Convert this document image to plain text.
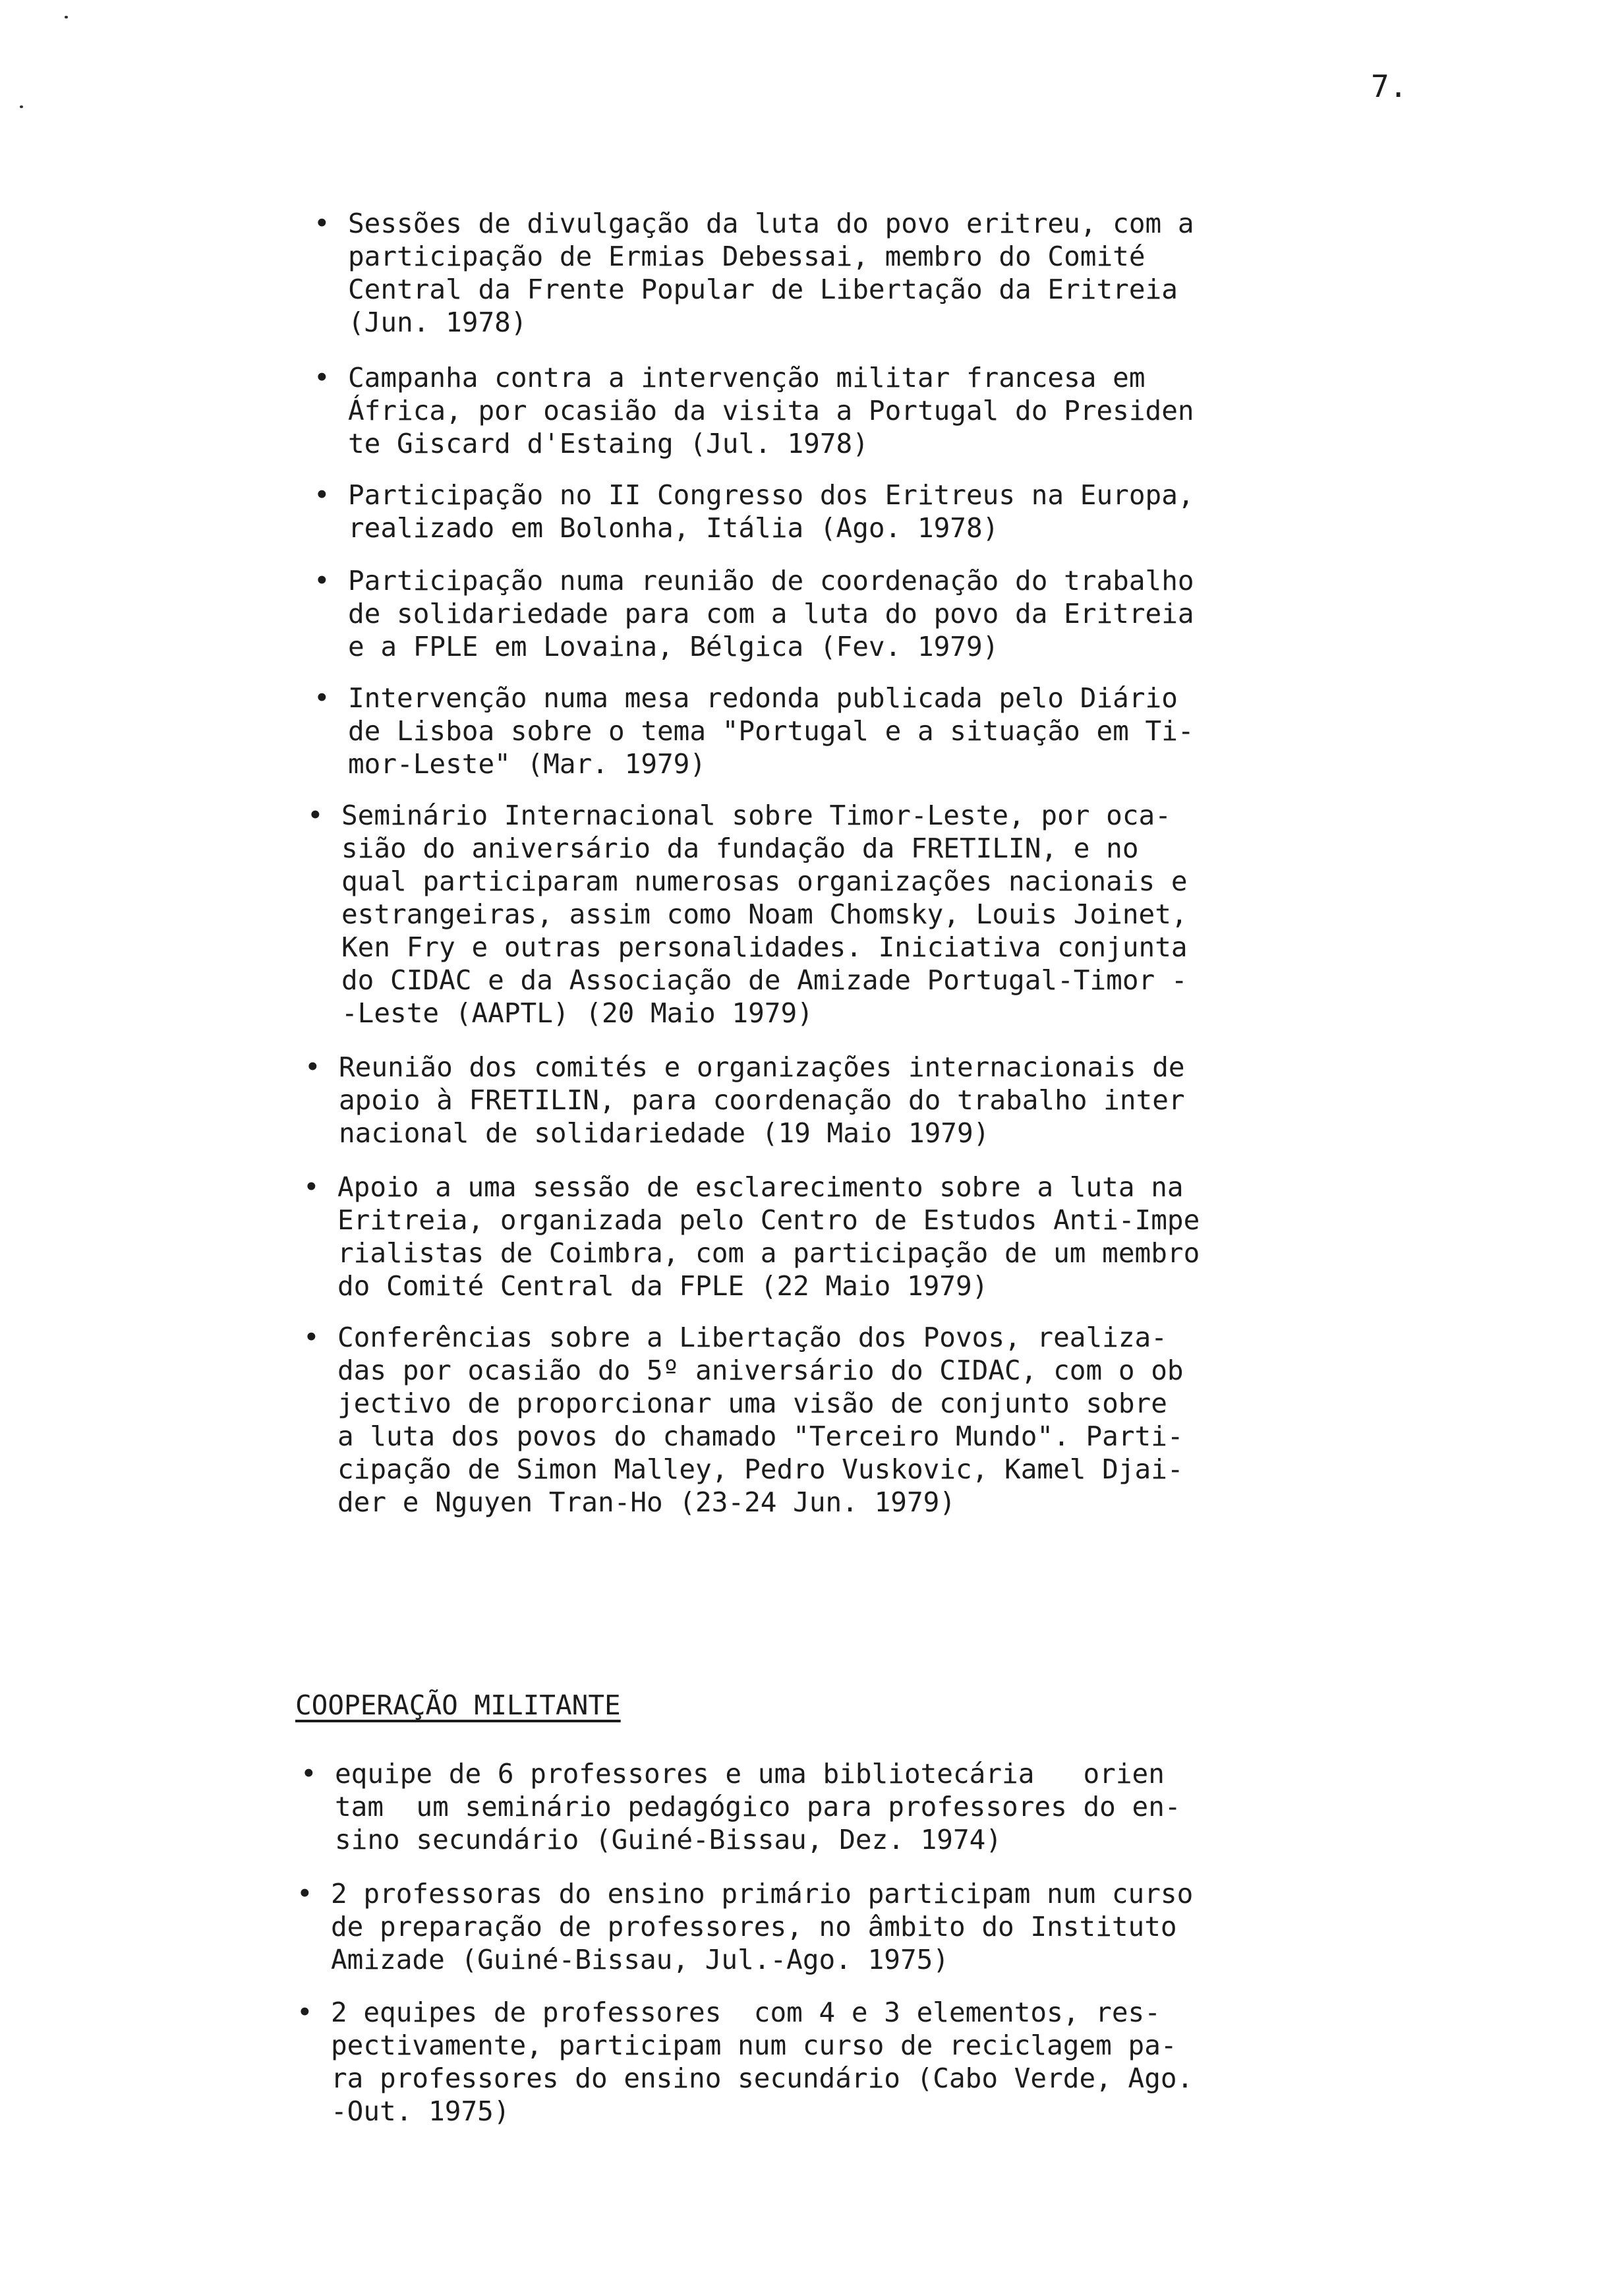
7.
• Sessões de divulgação da luta do povo eritreu, com a
participação de Ermias Debessai, membro do Comité
Central da Frente Popular de Libertação da Eritreia
(Jun. 1978)
• Campanha contra a intervenção militar francesa em
África, por ocasião da visita a Portugal do Presiden
te Giscard d'Estaing (Jul. 1978)
• Participação no II Congresso dos Eritreus na Europa,
realizado em Bolonha, Itália (Ago. 1978)
• Participação numa reunião de coordenação do trabalho
de solidariedade para com a luta do povo da Eritreia
e a FPLE em Lovaina, Bélgica (Fev. 1979)
• Intervenção numa mesa redonda publicada pelo Diário
de Lisboa sobre o tema "Portugal e a situação em Ti-
mor-Leste" (Mar. 1979)
• Seminário Internacional sobre Timor-Leste, por oca-
sião do aniversário da fundação da FRETILIN, e no
qual participaram numerosas organizações nacionais e
estrangeiras, assim como Noam Chomsky, Louis Joinet,
Ken Fry e outras personalidades. Iniciativa conjunta
do CIDAC e da Associação de Amizade Portugal-Timor -
-Leste (AAPTL) (20 Maio 1979)
• Reunião dos comités e organizações internacionais de
apoio à FRETILIN, para coordenação do trabalho inter
nacional de solidariedade (19 Maio 1979)
• Apoio a uma sessão de esclarecimento sobre a luta na
Eritreia, organizada pelo Centro de Estudos Anti-Impe
rialistas de Coimbra, com a participação de um membro
do Comité Central da FPLE (22 Maio 1979)
• Conferências sobre a Libertação dos Povos, realiza-
das por ocasião do 5º aniversário do CIDAC, com o ob
jectivo de proporcionar uma visão de conjunto sobre
a luta dos povos do chamado "Terceiro Mundo". Parti-
cipação de Simon Malley, Pedro Vuskovic, Kamel Djai-
der e Nguyen Tran-Ho (23-24 Jun. 1979)
COOPERAÇÃO MILITANTE
• equipe de 6 professores e uma bibliotecária   orien
tam  um seminário pedagógico para professores do en-
sino secundário (Guiné-Bissau, Dez. 1974)
• 2 professoras do ensino primário participam num curso
de preparação de professores, no âmbito do Instituto
Amizade (Guiné-Bissau, Jul.-Ago. 1975)
• 2 equipes de professores  com 4 e 3 elementos, res-
pectivamente, participam num curso de reciclagem pa-
ra professores do ensino secundário (Cabo Verde, Ago.
-Out. 1975)
